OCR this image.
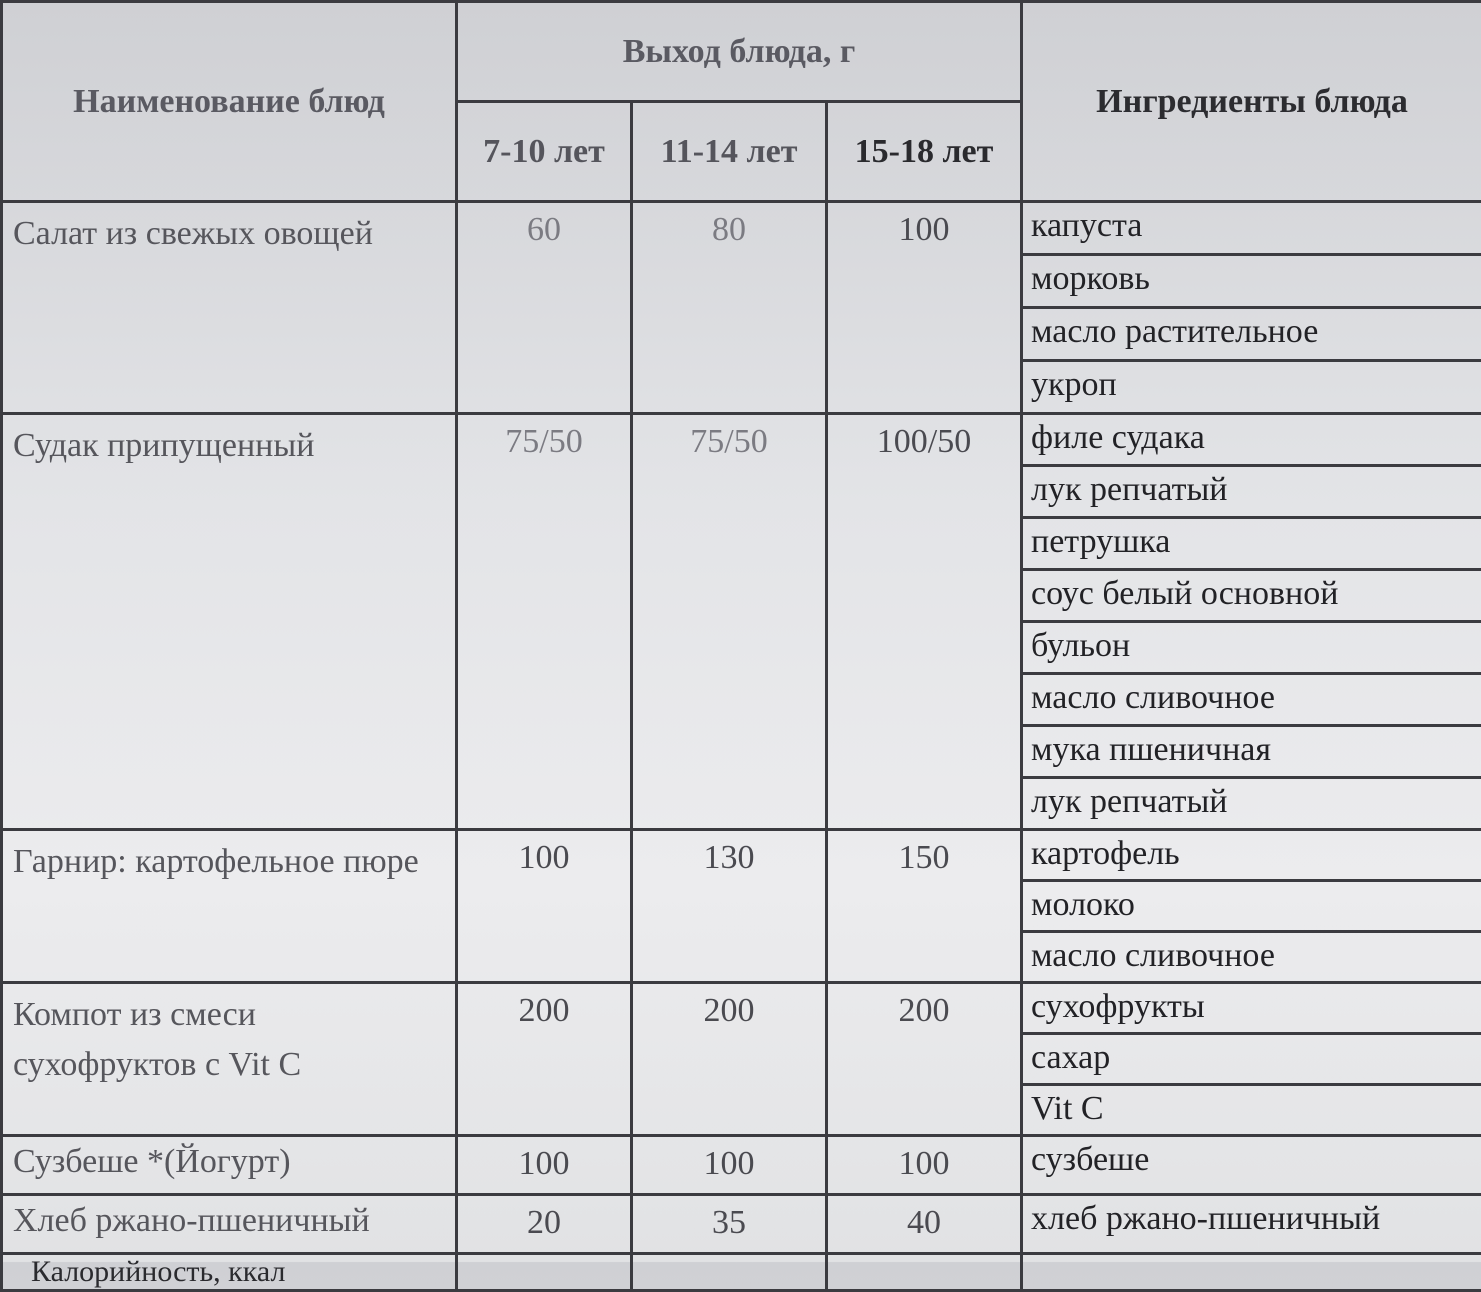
Наименование блюд	Выход блюда, г			Ингредиенты блюда
	7-10 лет	11-14 лет	15-18 лет	
Салат из свежых овощей	60	80	100	капуста
				морковь
				масло растительное
				укроп
Судак припущенный	75/50	75/50	100/50	филе судака
				лук репчатый
				петрушка
				соус белый основной
				бульон
				масло сливочное
				мука пшеничная
				лук репчатый
Гарнир: картофельное пюре	100	130	150	картофель
				молоко
				масло сливочное
Компот из смеси сухофруктов с Vit C	200	200	200	сухофрукты
				сахар
				Vit C
Сузбеше *(Йогурт)	100	100	100	сузбеше
Хлеб ржано-пшеничный	20	35	40	хлеб ржано-пшеничный
Калорийность, ккал				
